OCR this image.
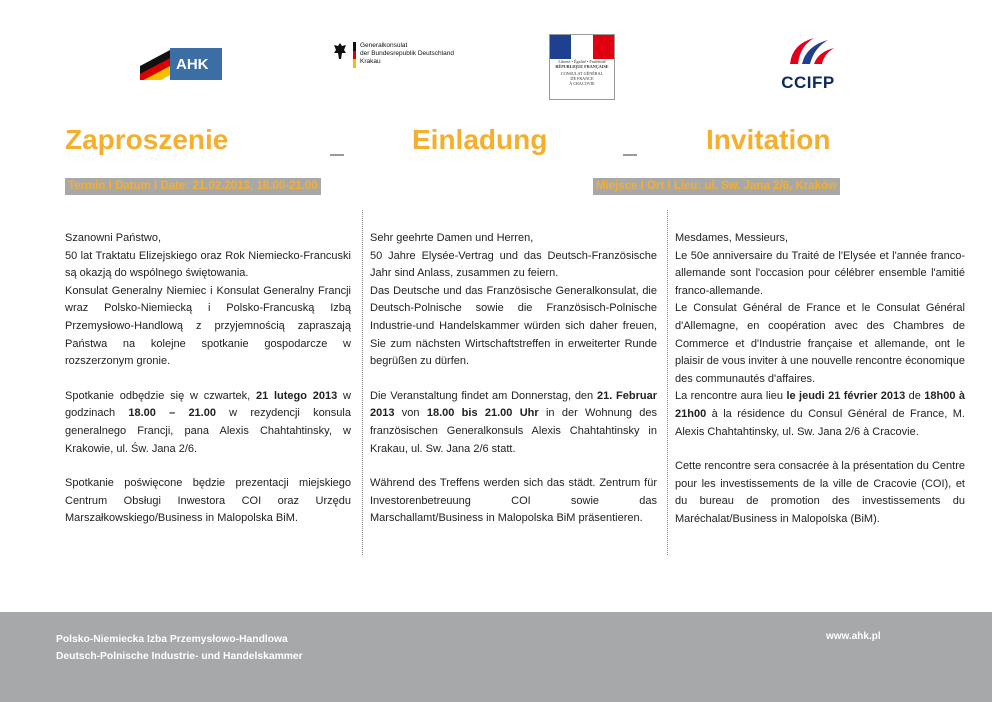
AHK
Generalkonsulat
der Bundesrepublik Deutschland
Krakau	Liberté • Égalité • Fraternité
RÉPUBLIQUE FRANÇAISE
CONSULAT GÉNÉRAL
DE FRANCE
À CRACOVIE	CCIFP

Zaproszenie	Einladung	Invitation
Termin I Datum I Date: 21.02.2013, 18.00-21.00	Miejsce I Ort I Lieu: ul. Sw. Jana 2/6, Kraków

Szanowni Państwo,
50 lat Traktatu Elizejskiego oraz Rok Niemiecko-Francuski są okazją do wspólnego świętowania.
Konsulat Generalny Niemiec i Konsulat Generalny Francji wraz Polsko-Niemiecką i Polsko-Francuską Izbą Przemysłowo-Handlową z przyjemnością zapraszają Państwa na kolejne spotkanie gospodarcze w rozszerzonym gronie.

Spotkanie odbędzie się w czwartek, 21 lutego 2013 w godzinach 18.00 – 21.00 w rezydencji konsula generalnego Francji, pana Alexis Chahtahtinsky, w Krakowie, ul. Św. Jana 2/6.

Spotkanie poświęcone będzie prezentacji miejskiego Centrum Obsługi Inwestora COI oraz Urzędu Marszałkowskiego/Business in Malopolska BiM.

Sehr geehrte Damen und Herren,
50 Jahre Elysée-Vertrag und das Deutsch-Französische Jahr sind Anlass, zusammen zu feiern.
Das Deutsche und das Französische Generalkonsulat, die Deutsch-Polnische sowie die Französisch-Polnische Industrie-und Handelskammer würden sich daher freuen, Sie zum nächsten Wirtschaftstreffen in erweiterter Runde begrüßen zu dürfen.

Die Veranstaltung findet am Donnerstag, den 21. Februar 2013 von 18.00 bis 21.00 Uhr in der Wohnung des französischen Generalkonsuls Alexis Chahtahtinsky in Krakau, ul. Sw. Jana 2/6 statt.

Während des Treffens werden sich das städt. Zentrum für Investorenbetreuung COI sowie das Marschallamt/Business in Malopolska BiM präsentieren.

Mesdames, Messieurs,
Le 50e anniversaire du Traité de l'Elysée et l'année franco-allemande sont l'occasion pour célébrer ensemble l'amitié franco-allemande.
Le Consulat Général de France et le Consulat Général d'Allemagne, en coopération avec des Chambres de Commerce et d'Industrie française et allemande, ont le plaisir de vous inviter à une nouvelle rencontre économique des communautés d'affaires.

La rencontre aura lieu le jeudi 21 février 2013 de 18h00 à 21h00 à la résidence du Consul Général de France, M. Alexis Chahtahtinsky, ul. Sw. Jana 2/6 à Cracovie.

Cette rencontre sera consacrée à la présentation du Centre pour les investissements de la ville de Cracovie (COI), et du bureau de promotion des investissements du Maréchalat/Business in Malopolska (BiM).

Polsko-Niemiecka Izba Przemysłowo-Handlowa
Deutsch-Polnische Industrie- und Handelskammer
www.ahk.pl
